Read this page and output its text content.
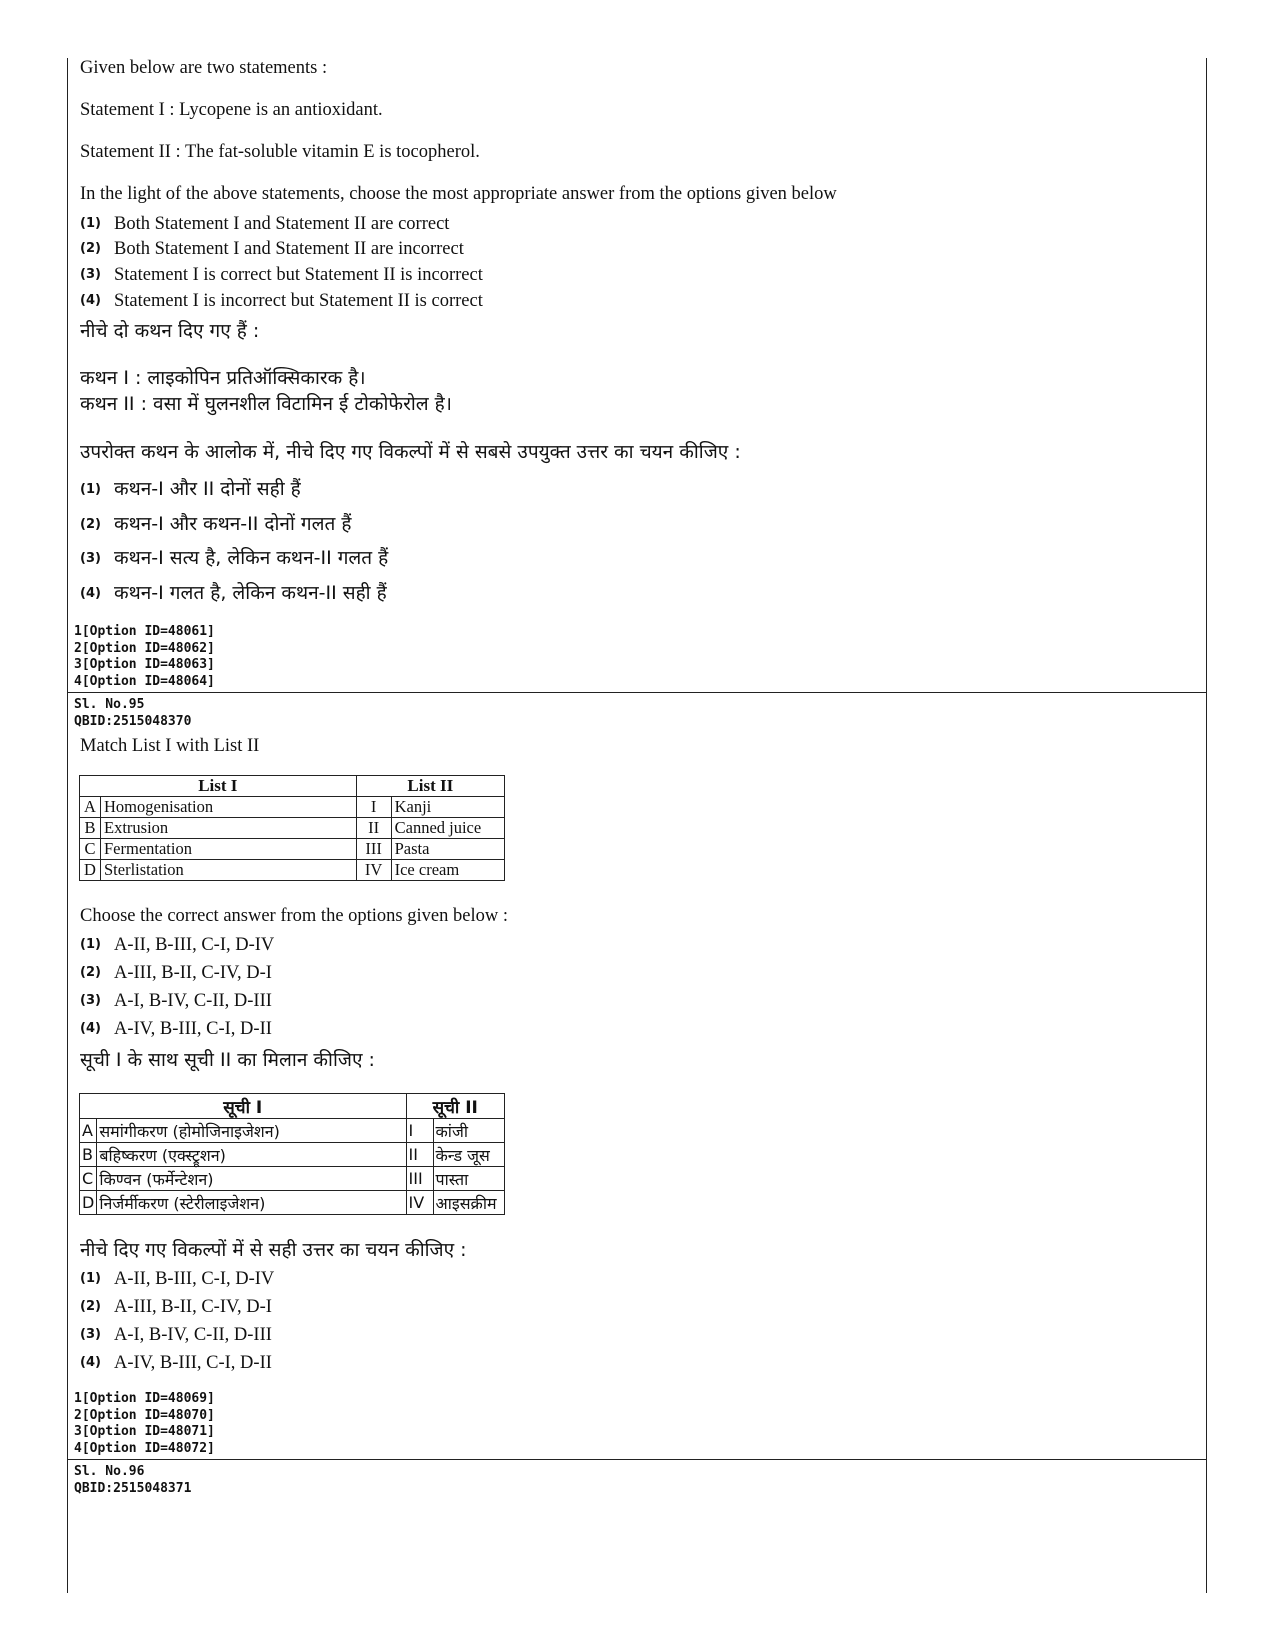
Given below are two statements :
Statement I : Lycopene is an antioxidant.
Statement II : The fat-soluble vitamin E is tocopherol.
In the light of the above statements, choose the most appropriate answer from the options given below
(1) Both Statement I and Statement II are correct
(2) Both Statement I and Statement II are incorrect
(3) Statement I is correct but Statement II is incorrect
(4) Statement I is incorrect but Statement II is correct
नीचे दो कथन दिए गए हैं :
कथन I : लाइकोपिन प्रतिऑक्सिकारक है।
कथन II : वसा में घुलनशील विटामिन ई टोकोफेरोल है।
उपरोक्त कथन के आलोक में, नीचे दिए गए विकल्पों में से सबसे उपयुक्त उत्तर का चयन कीजिए :
(1) कथन-I और II दोनों सही हैं
(2) कथन-I और कथन-II दोनों गलत हैं
(3) कथन-I सत्य है, लेकिन कथन-II गलत हैं
(4) कथन-I गलत है, लेकिन कथन-II सही हैं
1[Option ID=48061]
2[Option ID=48062]
3[Option ID=48063]
4[Option ID=48064]
Sl. No.95
QBID:2515048370
Match List I with List II
List I		List II	
A	Homogenisation	I	Kanji
B	Extrusion	II	Canned juice
C	Fermentation	III	Pasta
D	Sterlistation	IV	Ice cream
Choose the correct answer from the options given below :
(1) A-II, B-III, C-I, D-IV
(2) A-III, B-II, C-IV, D-I
(3) A-I, B-IV, C-II, D-III
(4) A-IV, B-III, C-I, D-II
सूची I के साथ सूची II का मिलान कीजिए :
सूची I		सूची II	
A	समांगीकरण (होमोजिनाइजेशन)	I	कांजी
B	बहिष्करण (एक्स्ट्रूशन)	II	केन्ड जूस
C	किण्वन (फर्मेन्टेशन)	III	पास्ता
D	निर्जर्मीकरण (स्टेरीलाइजेशन)	IV	आइसक्रीम
नीचे दिए गए विकल्पों में से सही उत्तर का चयन कीजिए :
(1) A-II, B-III, C-I, D-IV
(2) A-III, B-II, C-IV, D-I
(3) A-I, B-IV, C-II, D-III
(4) A-IV, B-III, C-I, D-II
1[Option ID=48069]
2[Option ID=48070]
3[Option ID=48071]
4[Option ID=48072]
Sl. No.96
QBID:2515048371
